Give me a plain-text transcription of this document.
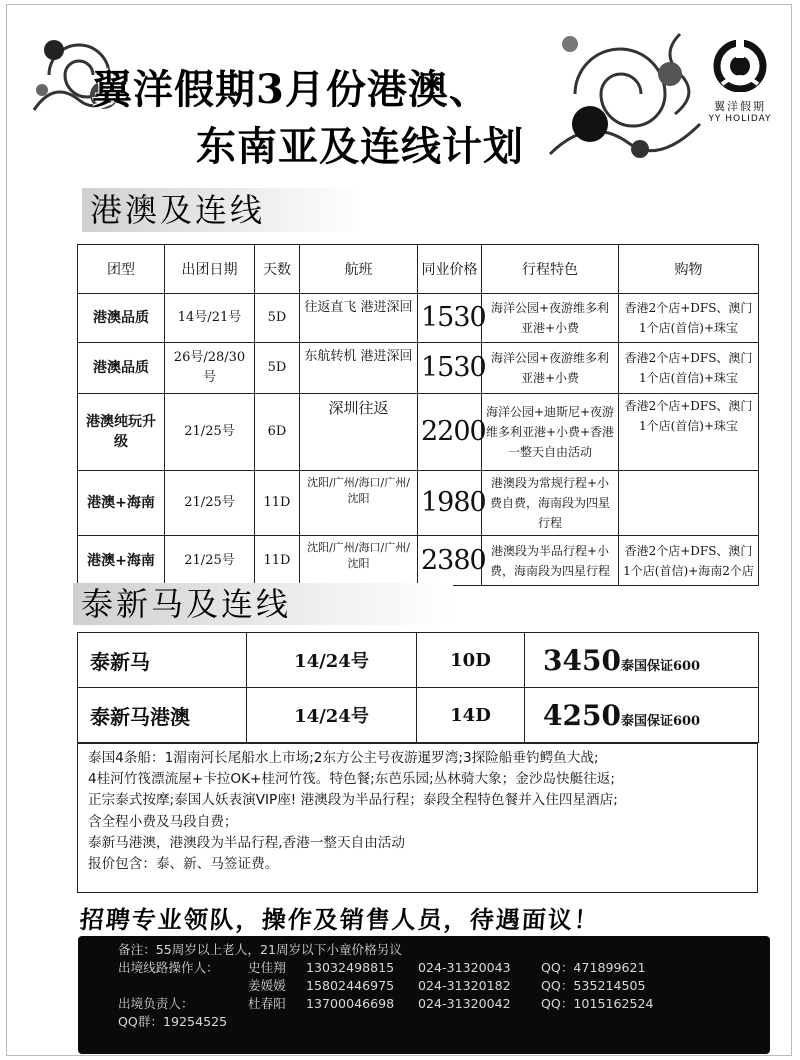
翼洋假期3月份港澳、
东南亚及连线计划
翼洋假期
YY HOLIDAY
港澳及连线
团型	出团日期	天数	航班	同业价格	行程特色	购物
港澳品质	14号/21号	5D	往返直飞 港进深回	1530	海洋公园+夜游维多利亚港+小费	香港2个店+DFS、澳门1个店(首信)+珠宝
港澳品质	26号/28/30号	5D	东航转机 港进深回	1530	海洋公园+夜游维多利亚港+小费	香港2个店+DFS、澳门1个店(首信)+珠宝
港澳纯玩升级	21/25号	6D	深圳往返	2200	海洋公园+迪斯尼+夜游维多利亚港+小费+香港一整天自由活动	香港2个店+DFS、澳门1个店(首信)+珠宝
港澳+海南	21/25号	11D	沈阳/广州/海口/广州/沈阳	1980	港澳段为常规行程+小费自费，海南段为四星行程	
港澳+海南	21/25号	11D	沈阳/广州/海口/广州/沈阳	2380	港澳段为半品行程+小费，海南段为四星行程	香港2个店+DFS、澳门1个店(首信)+海南2个店
泰新马及连线
泰新马	14/24号	10D	3450泰国保证600
泰新马港澳	14/24号	14D	4250泰国保证600
泰国4条船：1湄南河长尾船水上市场;2东方公主号夜游暹罗湾;3探险船垂钓鳄鱼大战;
4桂河竹筏漂流屋+卡拉OK+桂河竹筏。特色餐;东芭乐园;丛林骑大象；金沙岛快艇往返;
正宗泰式按摩;泰国人妖表演VIP座! 港澳段为半品行程；泰段全程特色餐并入住四星酒店;
含全程小费及马段自费；
泰新马港澳，港澳段为半品行程,香港一整天自由活动
报价包含：泰、新、马签证费。
招聘专业领队，操作及销售人员，待遇面议！
备注：55周岁以上老人，21周岁以下小童价格另议
出境线路操作人： 史佳翔 13032498815 024-31320043 QQ：471899621
姜媛媛 15802446975 024-31320182 QQ：535214505
出境负责人：	杜春阳 13700046698 024-31320042 QQ：1015162524
QQ群：19254525
